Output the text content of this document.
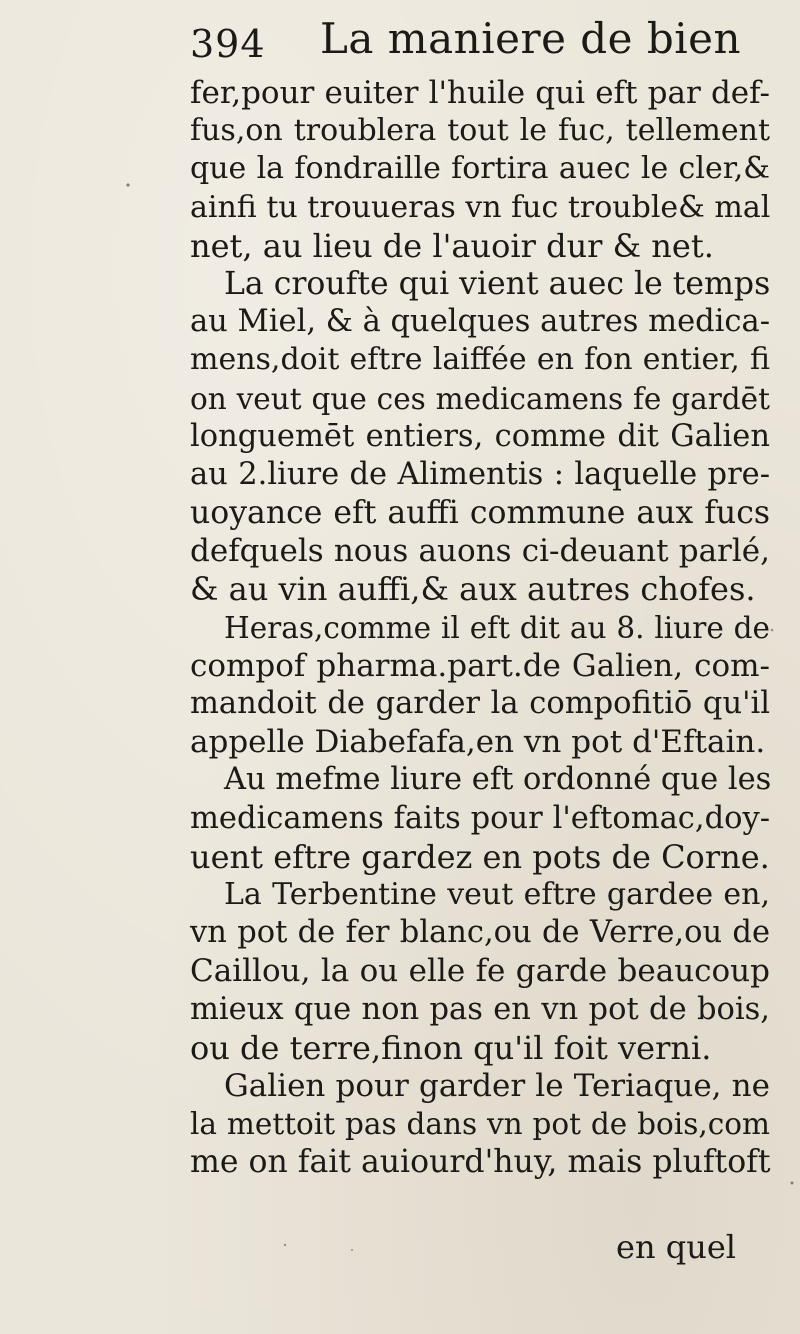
394 La maniere de bien
fer,pour euiter l'huile qui eft par def-
fus,on troublera tout le fuc, tellement
que la fondraille fortira auec le cler,&
ainfi tu trouueras vn fuc trouble& mal
net, au lieu de l'auoir dur & net.
La croufte qui vient auec le temps
au Miel, & à quelques autres medica-
mens,doit eftre laiffée en fon entier, fi
on veut que ces medicamens fe gardēt
longuemēt entiers, comme dit Galien
au 2.liure de Alimentis : laquelle pre-
uoyance eft auffi commune aux fucs
defquels nous auons ci-deuant parlé,
& au vin auffi,& aux autres chofes.
Heras,comme il eft dit au 8. liure de
compof pharma.part.de Galien, com-
mandoit de garder la compofitiō qu'il
appelle Diabefafa,en vn pot d'Eftain.
Au mefme liure eft ordonné que les
medicamens faits pour l'eftomac,doy-
uent eftre gardez en pots de Corne.
La Terbentine veut eftre gardee en,
vn pot de fer blanc,ou de Verre,ou de
Caillou, la ou elle fe garde beaucoup
mieux que non pas en vn pot de bois,
ou de terre,finon qu'il foit verni.
Galien pour garder le Teriaque, ne
la mettoit pas dans vn pot de bois,com
me on fait auiourd'huy, mais pluftoft
en quel
